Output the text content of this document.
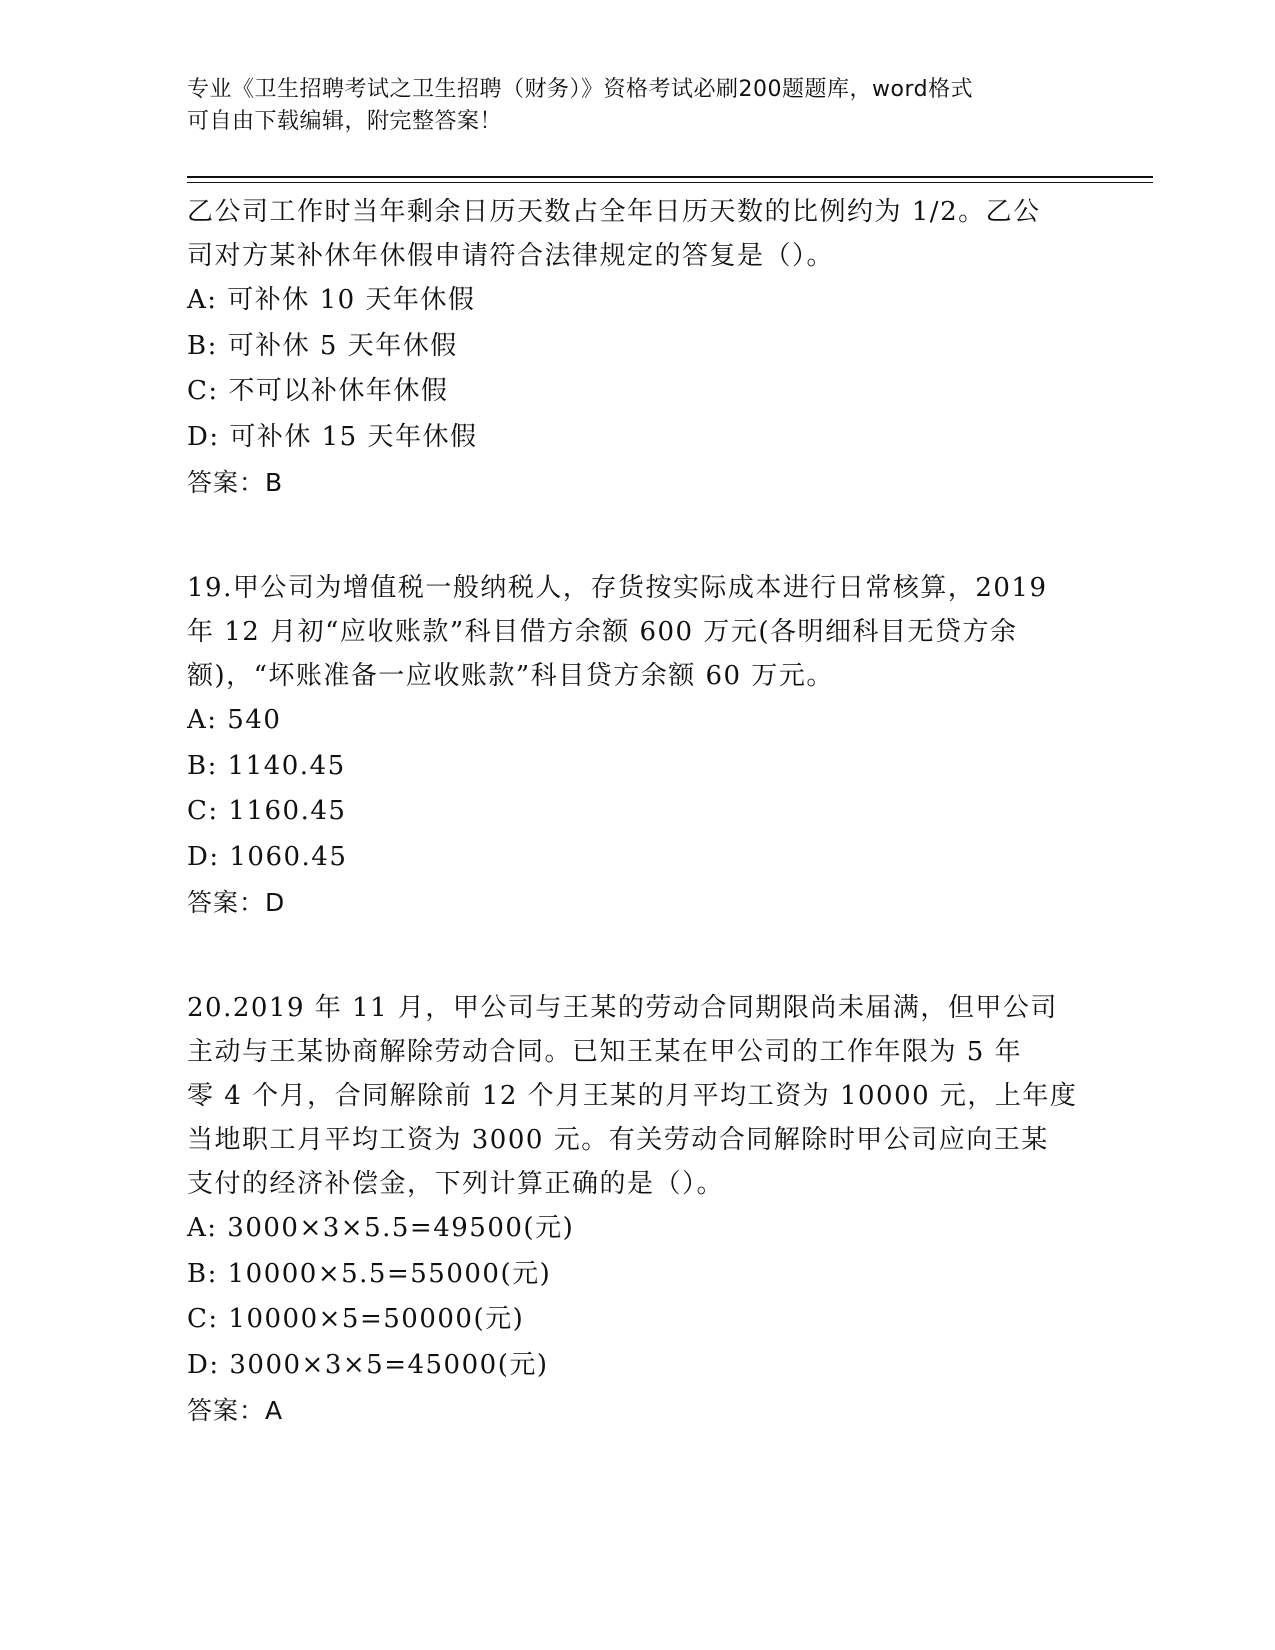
专业《卫生招聘考试之卫生招聘（财务）》资格考试必刷200题题库，word格式
可自由下载编辑，附完整答案！
乙公司工作时当年剩余日历天数占全年日历天数的比例约为 1/2。乙公
司对方某补休年休假申请符合法律规定的答复是（）。
A: 可补休 10 天年休假
B: 可补休 5 天年休假
C: 不可以补休年休假
D: 可补休 15 天年休假
答案：B
19.甲公司为增值税一般纳税人，存货按实际成本进行日常核算，2019
年 12 月初“应收账款”科目借方余额 600 万元(各明细科目无贷方余
额)，“坏账准备一应收账款”科目贷方余额 60 万元。
A: 540
B: 1140.45
C: 1160.45
D: 1060.45
答案：D
20.2019 年 11 月，甲公司与王某的劳动合同期限尚未届满，但甲公司
主动与王某协商解除劳动合同。已知王某在甲公司的工作年限为 5 年
零 4 个月，合同解除前 12 个月王某的月平均工资为 10000 元，上年度
当地职工月平均工资为 3000 元。有关劳动合同解除时甲公司应向王某
支付的经济补偿金，下列计算正确的是（）。
A: 3000×3×5.5=49500(元)
B: 10000×5.5=55000(元)
C: 10000×5=50000(元)
D: 3000×3×5=45000(元)
答案：A
